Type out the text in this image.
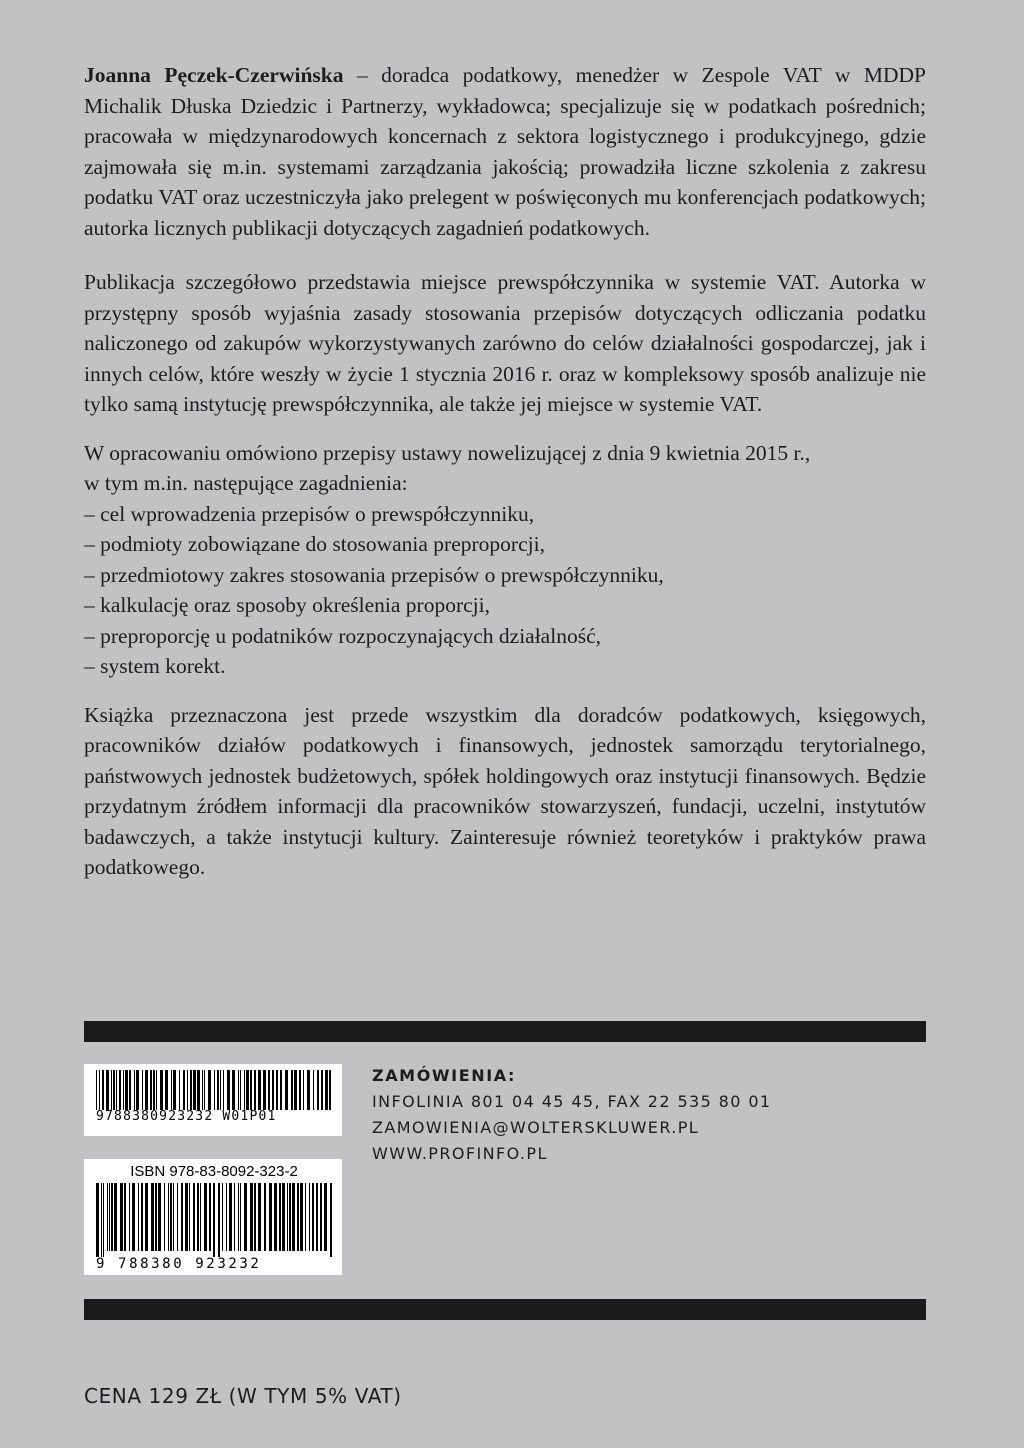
Joanna Pęczek-Czerwińska – doradca podatkowy, menedżer w Zespole VAT w MDDP Michalik Dłuska Dziedzic i Partnerzy, wykładowca; specjalizuje się w podatkach pośrednich; pracowała w międzynarodowych koncernach z sektora logistycznego i produkcyjnego, gdzie zajmowała się m.in. systemami zarządzania jakością; prowadziła liczne szkolenia z zakresu podatku VAT oraz uczestniczyła jako prelegent w poświęconych mu konferencjach podatkowych; autorka licznych publikacji dotyczących zagadnień podatkowych.

Publikacja szczegółowo przedstawia miejsce prewspółczynnika w systemie VAT. Autorka w przystępny sposób wyjaśnia zasady stosowania przepisów dotyczących odliczania podatku naliczonego od zakupów wykorzystywanych zarówno do celów działalności gospodarczej, jak i innych celów, które weszły w życie 1 stycznia 2016 r. oraz w kompleksowy sposób analizuje nie tylko samą instytucję prewspółczynnika, ale także jej miejsce w systemie VAT.

W opracowaniu omówiono przepisy ustawy nowelizującej z dnia 9 kwietnia 2015 r.,

w tym m.in. następujące zagadnienia:

– cel wprowadzenia przepisów o prewspółczynniku,
– podmioty zobowiązane do stosowania preproporcji,
– przedmiotowy zakres stosowania przepisów o prewspółczynniku,
– kalkulację oraz sposoby określenia proporcji,
– preproporcję u podatników rozpoczynających działalność,
– system korekt.

Książka przeznaczona jest przede wszystkim dla doradców podatkowych, księgowych, pracowników działów podatkowych i finansowych, jednostek samorządu terytorialnego, państwowych jednostek budżetowych, spółek holdingowych oraz instytucji finansowych. Będzie przydatnym źródłem informacji dla pracowników stowarzyszeń, fundacji, uczelni, instytutów badawczych, a także instytucji kultury. Zainteresuje również teoretyków i praktyków prawa podatkowego.

9788380923232 W01P01
ISBN 978-83-8092-323-2
9 788380 923232
ZAMÓWIENIA:
INFOLINIA 801 04 45 45, FAX 22 535 80 01
ZAMOWIENIA@WOLTERSKLUWER.PL
WWW.PROFINFO.PL
CENA 129 ZŁ (W TYM 5% VAT)
